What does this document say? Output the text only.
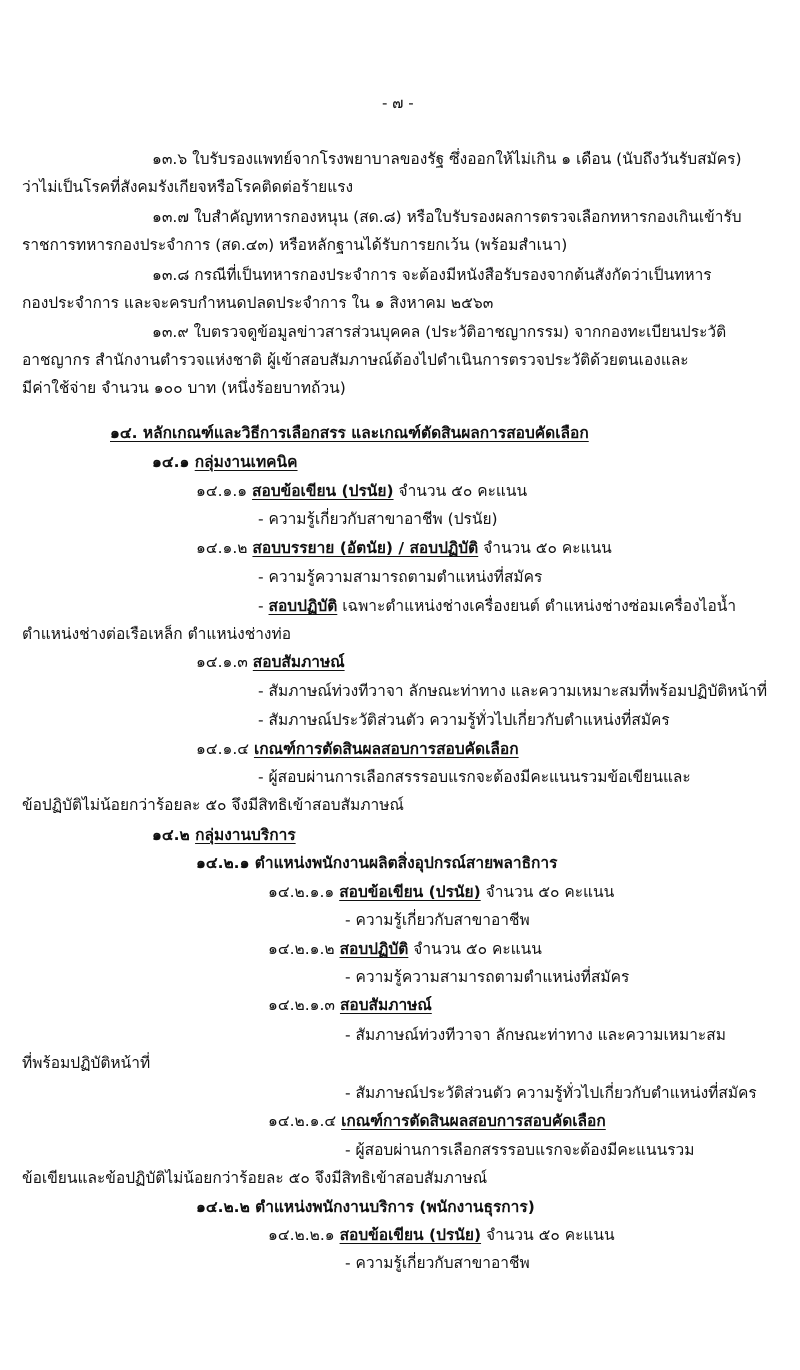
- ๗ -
๑๓.๖ ใบรับรองแพทย์จากโรงพยาบาลของรัฐ ซึ่งออกให้ไม่เกิน ๑ เดือน (นับถึงวันรับสมัคร)
ว่าไม่เป็นโรคที่สังคมรังเกียจหรือโรคติดต่อร้ายแรง
๑๓.๗ ใบสำคัญทหารกองหนุน (สด.๘) หรือใบรับรองผลการตรวจเลือกทหารกองเกินเข้ารับ
ราชการทหารกองประจำการ (สด.๔๓) หรือหลักฐานได้รับการยกเว้น (พร้อมสำเนา)
๑๓.๘ กรณีที่เป็นทหารกองประจำการ จะต้องมีหนังสือรับรองจากต้นสังกัดว่าเป็นทหาร
กองประจำการ และจะครบกำหนดปลดประจำการ ใน ๑ สิงหาคม ๒๕๖๓
๑๓.๙ ใบตรวจดูข้อมูลข่าวสารส่วนบุคคล (ประวัติอาชญากรรม) จากกองทะเบียนประวัติ
อาชญากร สำนักงานตำรวจแห่งชาติ ผู้เข้าสอบสัมภาษณ์ต้องไปดำเนินการตรวจประวัติด้วยตนเองและ
มีค่าใช้จ่าย จำนวน ๑๐๐ บาท (หนึ่งร้อยบาทถ้วน)
๑๔. หลักเกณฑ์และวิธีการเลือกสรร และเกณฑ์ตัดสินผลการสอบคัดเลือก
๑๔.๑ กลุ่มงานเทคนิค
๑๔.๑.๑ สอบข้อเขียน (ปรนัย) จำนวน ๕๐ คะแนน
- ความรู้เกี่ยวกับสาขาอาชีพ (ปรนัย)
๑๔.๑.๒ สอบบรรยาย (อัตนัย) / สอบปฏิบัติ จำนวน ๕๐ คะแนน
- ความรู้ความสามารถตามตำแหน่งที่สมัคร
- สอบปฏิบัติ เฉพาะตำแหน่งช่างเครื่องยนต์ ตำแหน่งช่างซ่อมเครื่องไอน้ำ
ตำแหน่งช่างต่อเรือเหล็ก ตำแหน่งช่างท่อ
๑๔.๑.๓ สอบสัมภาษณ์
- สัมภาษณ์ท่วงทีวาจา ลักษณะท่าทาง และความเหมาะสมที่พร้อมปฏิบัติหน้าที่
- สัมภาษณ์ประวัติส่วนตัว ความรู้ทั่วไปเกี่ยวกับตำแหน่งที่สมัคร
๑๔.๑.๔ เกณฑ์การตัดสินผลสอบการสอบคัดเลือก
- ผู้สอบผ่านการเลือกสรรรอบแรกจะต้องมีคะแนนรวมข้อเขียนและ
ข้อปฏิบัติไม่น้อยกว่าร้อยละ ๕๐ จึงมีสิทธิเข้าสอบสัมภาษณ์
๑๔.๒ กลุ่มงานบริการ
๑๔.๒.๑ ตำแหน่งพนักงานผลิตสิ่งอุปกรณ์สายพลาธิการ
๑๔.๒.๑.๑ สอบข้อเขียน (ปรนัย) จำนวน ๕๐ คะแนน
- ความรู้เกี่ยวกับสาขาอาชีพ
๑๔.๒.๑.๒ สอบปฏิบัติ จำนวน ๕๐ คะแนน
- ความรู้ความสามารถตามตำแหน่งที่สมัคร
๑๔.๒.๑.๓ สอบสัมภาษณ์
- สัมภาษณ์ท่วงทีวาจา ลักษณะท่าทาง และความเหมาะสม
ที่พร้อมปฏิบัติหน้าที่
- สัมภาษณ์ประวัติส่วนตัว ความรู้ทั่วไปเกี่ยวกับตำแหน่งที่สมัคร
๑๔.๒.๑.๔ เกณฑ์การตัดสินผลสอบการสอบคัดเลือก
- ผู้สอบผ่านการเลือกสรรรอบแรกจะต้องมีคะแนนรวม
ข้อเขียนและข้อปฏิบัติไม่น้อยกว่าร้อยละ ๕๐ จึงมีสิทธิเข้าสอบสัมภาษณ์
๑๔.๒.๒ ตำแหน่งพนักงานบริการ (พนักงานธุรการ)
๑๔.๒.๒.๑ สอบข้อเขียน (ปรนัย) จำนวน ๕๐ คะแนน
- ความรู้เกี่ยวกับสาขาอาชีพ
